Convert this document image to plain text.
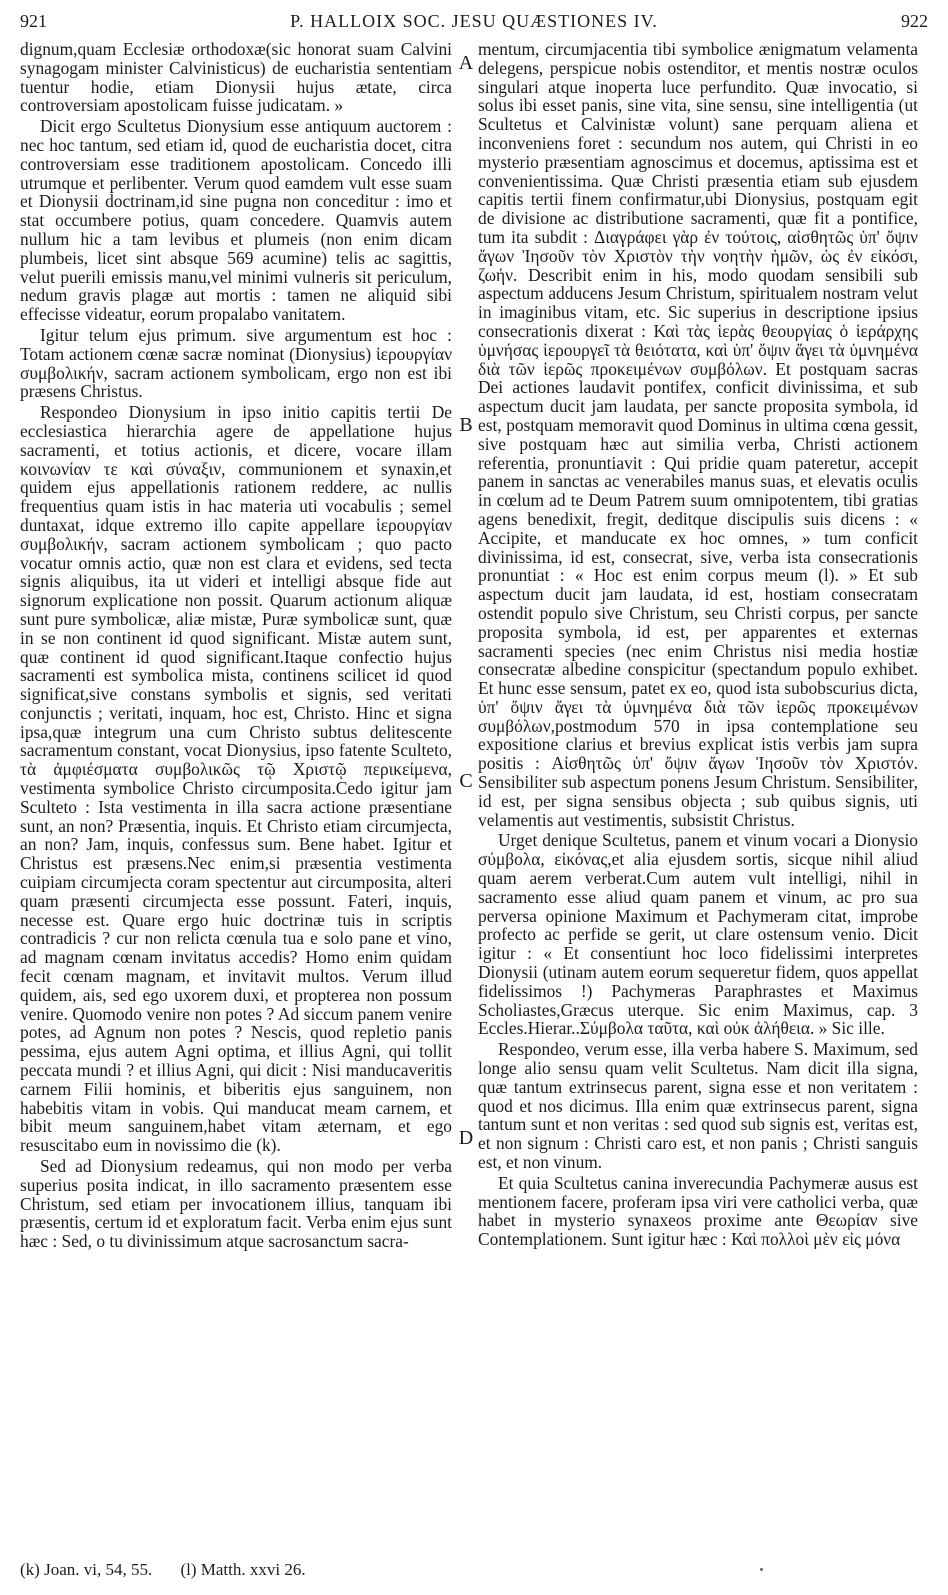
921	P. HALLOIX SOC. JESU QUÆSTIONES IV.	922

dignum,quam Ecclesiæ orthodoxæ(sic honorat suam Calvini synagogam minister Calvinisticus) de eucharistia sententiam tuentur hodie, etiam Dionysii hujus ætate, circa controversiam apostolicam fuisse judicatam. »

Dicit ergo Scultetus Dionysium esse antiquum auctorem : nec hoc tantum, sed etiam id, quod de eucharistia docet, citra controversiam esse traditionem apostolicam. Concedo illi utrumque et perlibenter. Verum quod eamdem vult esse suam et Dionysii doctrinam,id sine pugna non conceditur : imo et stat occumbere potius, quam concedere. Quamvis autem nullum hic a tam levibus et plumeis (non enim dicam plumbeis, licet sint absque 569 acumine) telis ac sagittis, velut puerili emissis manu,vel minimi vulneris sit periculum, nedum gravis plagæ aut mortis : tamen ne aliquid sibi effecisse videatur, eorum propalabo vanitatem.

Igitur telum ejus primum. sive argumentum est hoc : Totam actionem cœnæ sacræ nominat (Dionysius) ἱερουργίαν συμβολικήν, sacram actionem symbolicam, ergo non est ibi præsens Christus.

Respondeo Dionysium in ipso initio capitis tertii De ecclesiastica hierarchia agere de appellatione hujus sacramenti, et totius actionis, et dicere, vocare illam κοινωνίαν τε καὶ σύναξιν, communionem et synaxin,et quidem ejus appellationis rationem reddere, ac nullis frequentius quam istis in hac materia uti vocabulis ; semel duntaxat, idque extremo illo capite appellare ἱερουργίαν συμβολικήν, sacram actionem symbolicam ; quo pacto vocatur omnis actio, quæ non est clara et evidens, sed tecta signis aliquibus, ita ut videri et intelligi absque fide aut signorum explicatione non possit. Quarum actionum aliquæ sunt pure symbolicæ, aliæ mistæ, Puræ symbolicæ sunt, quæ in se non continent id quod significant. Mistæ autem sunt, quæ continent id quod significant.Itaque confectio hujus sacramenti est symbolica mista, continens scilicet id quod significat,sive constans symbolis et signis, sed veritati conjunctis ; veritati, inquam, hoc est, Christo. Hinc et signa ipsa,quæ integrum una cum Christo subtus delitescente sacramentum constant, vocat Dionysius, ipso fatente Sculteto, τὰ ἀμφιέσματα συμβολικῶς τῷ Χριστῷ περικείμενα, vestimenta symbolice Christo circumposita.Cedo igitur jam Sculteto : Ista vestimenta in illa sacra actione præsentiane sunt, an non? Præsentia, inquis. Et Christo etiam circumjecta, an non? Jam, inquis, confessus sum. Bene habet. Igitur et Christus est præsens.Nec enim,si præsentia vestimenta cuipiam circumjecta coram spectentur aut circumposita, alteri quam præsenti circumjecta esse possunt. Fateri, inquis, necesse est. Quare ergo huic doctrinæ tuis in scriptis contradicis ? cur non relicta cœnula tua e solo pane et vino, ad magnam cœnam invitatus accedis? Homo enim quidam fecit cœnam magnam, et invitavit multos. Verum illud quidem, ais, sed ego uxorem duxi, et propterea non possum venire. Quomodo venire non potes ? Ad siccum panem venire potes, ad Agnum non potes ? Nescis, quod repletio panis pessima, ejus autem Agni optima, et illius Agni, qui tollit peccata mundi ? et illius Agni, qui dicit : Nisi manducaveritis carnem Filii hominis, et biberitis ejus sanguinem, non habebitis vitam in vobis. Qui manducat meam carnem, et bibit meum sanguinem,habet vitam æternam, et ego resuscitabo eum in novissimo die (k).

Sed ad Dionysium redeamus, qui non modo per verba superius posita indicat, in illo sacramento præsentem esse Christum, sed etiam per invocationem illius, tanquam ibi præsentis, certum id et exploratum facit. Verba enim ejus sunt hæc : Sed, o tu divinissimum atque sacrosanctum sacra-

A
B
C
D

mentum, circumjacentia tibi symbolice ænigmatum velamenta delegens, perspicue nobis ostenditor, et mentis nostræ oculos singulari atque inoperta luce perfundito. Quæ invocatio, si solus ibi esset panis, sine vita, sine sensu, sine intelligentia (ut Scultetus et Calvinistæ volunt) sane perquam aliena et inconveniens foret : secundum nos autem, qui Christi in eo mysterio præsentiam agnoscimus et docemus, aptissima est et convenientissima. Quæ Christi præsentia etiam sub ejusdem capitis tertii finem confirmatur,ubi Dionysius, postquam egit de divisione ac distributione sacramenti, quæ fit a pontifice, tum ita subdit : Διαγράφει γὰρ ἐν τούτοις, αἰσθητῶς ὑπ' ὄψιν ἄγων Ἰησοῦν τὸν Χριστὸν τὴν νοητὴν ἡμῶν, ὡς ἐν εἰκόσι, ζωήν. Describit enim in his, modo quodam sensibili sub aspectum adducens Jesum Christum, spiritualem nostram velut in imaginibus vitam, etc. Sic superius in descriptione ipsius consecrationis dixerat : Καὶ τὰς ἱερὰς θεουργίας ὁ ἱεράρχης ὑμνήσας ἱερουργεῖ τὰ θειότατα, καὶ ὑπ' ὄψιν ἄγει τὰ ὑμνημένα διὰ τῶν ἱερῶς προκειμένων συμβόλων. Et postquam sacras Dei actiones laudavit pontifex, conficit divinissima, et sub aspectum ducit jam laudata, per sancte proposita symbola, id est, postquam memoravit quod Dominus in ultima cœna gessit, sive postquam hæc aut similia verba, Christi actionem referentia, pronuntiavit : Qui pridie quam pateretur, accepit panem in sanctas ac venerabiles manus suas, et elevatis oculis in cœlum ad te Deum Patrem suum omnipotentem, tibi gratias agens benedixit, fregit, deditque discipulis suis dicens : « Accipite, et manducate ex hoc omnes, » tum conficit divinissima, id est, consecrat, sive, verba ista consecrationis pronuntiat : « Hoc est enim corpus meum (l). » Et sub aspectum ducit jam laudata, id est, hostiam consecratam ostendit populo sive Christum, seu Christi corpus, per sancte proposita symbola, id est, per apparentes et externas sacramenti species (nec enim Christus nisi media hostiæ consecratæ albedine conspicitur (spectandum populo exhibet. Et hunc esse sensum, patet ex eo, quod ista subobscurius dicta, ὑπ' ὄψιν ἄγει τὰ ὑμνημένα διὰ τῶν ἱερῶς προκειμένων συμβόλων,postmodum 570 in ipsa contemplatione seu expositione clarius et brevius explicat istis verbis jam supra positis : Αἰσθητῶς ὑπ' ὄψιν ἄγων Ἰησοῦν τὸν Χριστόν. Sensibiliter sub aspectum ponens Jesum Christum. Sensibiliter, id est, per signa sensibus objecta ; sub quibus signis, uti velamentis aut vestimentis, subsistit Christus.

Urget denique Scultetus, panem et vinum vocari a Dionysio σύμβολα, εἰκόνας,et alia ejusdem sortis, sicque nihil aliud quam aerem verberat.Cum autem vult intelligi, nihil in sacramento esse aliud quam panem et vinum, ac pro sua perversa opinione Maximum et Pachymeram citat, improbe profecto ac perfide se gerit, ut clare ostensum venio. Dicit igitur : « Et consentiunt hoc loco fidelissimi interpretes Dionysii (utinam autem eorum sequeretur fidem, quos appellat fidelissimos !) Pachymeras Paraphrastes et Maximus Scholiastes,Græcus uterque. Sic enim Maximus, cap. 3 Eccles.Hierar..Σύμβολα ταῦτα, καὶ οὐκ ἀλήθεια. » Sic ille.

Respondeo, verum esse, illa verba habere S. Maximum, sed longe alio sensu quam velit Scultetus. Nam dicit illa signa, quæ tantum extrinsecus parent, signa esse et non veritatem : quod et nos dicimus. Illa enim quæ extrinsecus parent, signa tantum sunt et non veritas : sed quod sub signis est, veritas est, et non signum : Christi caro est, et non panis ; Christi sanguis est, et non vinum.

Et quia Scultetus canina inverecundia Pachymeræ ausus est mentionem facere, proferam ipsa viri vere catholici verba, quæ habet in mysterio synaxeos proxime ante Θεωρίαν sive Contemplationem. Sunt igitur hæc : Καὶ πολλοὶ μὲν εἰς μόνα

(k) Joan. vi, 54, 55. (l) Matth. xxvi 26.
